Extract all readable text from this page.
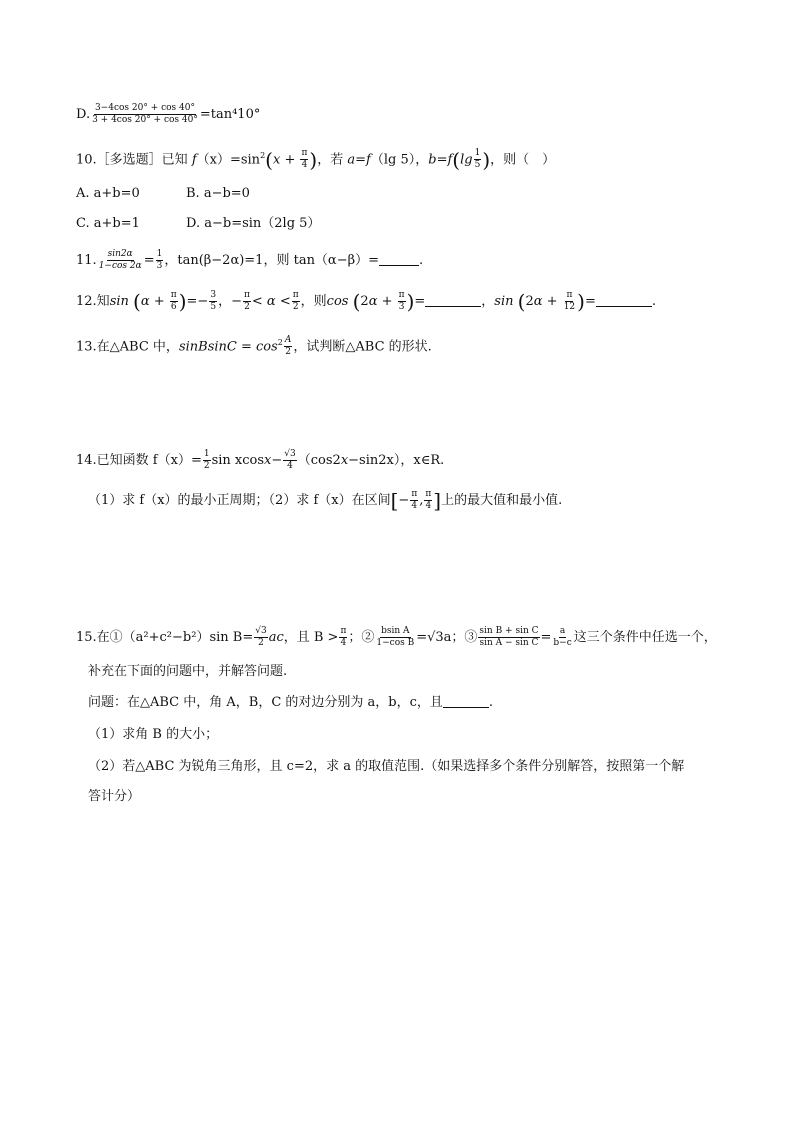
D. $\frac{3-4\cos 20^\circ + \cos 40^\circ}{3 + 4\cos 20^\circ + \cos 40^\circ} =\tan^410^\circ$
10.［多选题］已知 $f(x)=\sin^2(x + \frac{\pi}{4}$ )，若 a=f（lg 5），$b=f(\lg \frac{1}{5}$ )，则（　）
A. a+b=0	B. a−b=0
C. a+b=1	D. a−b=sin（2lg 5）
11. $\frac{\sin 2\alpha}{1-\cos 2\alpha} = \frac{1}{3}$ ，tan(β−2α)=1，则 tan（α−β）=	.
12.知$\sin (\alpha + \frac{\pi}{6}$ )=− $\frac{3}{5}$ ，− $\frac{\pi}{2} < \alpha < \frac{\pi}{2}$ ，则$\cos (2\alpha + \frac{\pi}{3}$ )=	，$\sin (2\alpha + \frac{\pi}{12}$ )=	.
13.在△ABC 中，sinBsinC = $\cos^2 \frac{A}{2}$ ，试判断△ABC 的形状.
14.已知函数 $f(x)= \frac{1}{2}$ $\sin xcosx- \frac{√3}{4} (\cos 2x-\sin 2x)$，x∈R.
（1）求 f（x）的最小正周期；（2）求 f（x）在区间[− $\frac{\pi}{4}$ , $\frac{\pi}{4}$ ]上的最大值和最小值.
15.在①（a²+c²−b²）sin $B= \frac{√3}{2}$ ac，且 $B > \frac{\pi}{4}$ ；② $\frac{\text{bsin A}}{\text{1−cos B}} =√3a$；③ $\frac{\text{sin B + sin C}}{\text{sin A − sin C}} = \frac{a}{b-c}$ 这三个条件中任选一个，
补充在下面的问题中，并解答问题.
问题：在△ABC 中，角 A，B，C 的对边分别为 a，b，c，且	.
（1）求角 B 的大小；
（2）若△ABC 为锐角三角形，且 c=2，求 a 的取值范围.（如果选择多个条件分别解答，按照第一个解
答计分）
